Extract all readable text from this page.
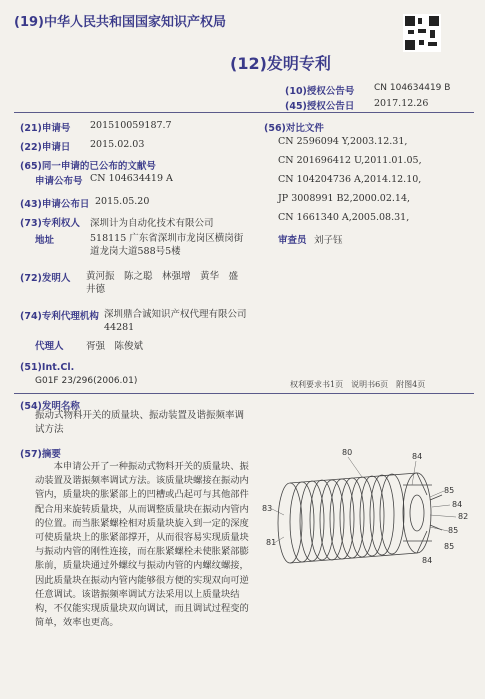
(19)中华人民共和国国家知识产权局
(12)发明专利
(10)授权公告号 CN 104634419 B
(45)授权公告日 2017.12.26
(21)申请号 201510059187.7
(22)申请日 2015.02.03
(65)同一申请的已公布的文献号
申请公布号 CN 104634419 A
(43)申请公布日 2015.05.20
(73)专利权人 深圳计为自动化技术有限公司
地址	518115 广东省深圳市龙岗区横岗街道龙岗大道588号5楼
(72)发明人 黄河振　陈之聪　林强增　黄华　盛井德
(74)专利代理机构 深圳鼎合诚知识产权代理有限公司 44281
代理人 胥强　陈俊斌
(51)Int.Cl.
G01F 23/296(2006.01)
(56)对比文件
CN 2596094 Y,2003.12.31,
CN 201696412 U,2011.01.05,
CN 104204736 A,2014.12.10,
JP 3008991 B2,2000.02.14,
CN 1661340 A,2005.08.31,
审查员 刘子钰
权利要求书1页　说明书6页　附图4页
(54)发明名称
振动式物料开关的质量块、振动装置及谐振频率调试方法
(57)摘要
本申请公开了一种振动式物料开关的质量块、振动装置及谐振频率调试方法。该质量块螺接在振动内管内，质量块的胀紧部上的凹槽或凸起可与其他部件配合用来旋转质量块，从而调整质量块在振动内管内的位置。而当胀紧螺栓相对质量块旋入到一定的深度可使质量块上的胀紧部撑开，从而很容易实现质量块与振动内管的刚性连接，而在胀紧螺栓未使胀紧部膨胀前，质量块通过外螺纹与振动内管的内螺纹螺接，因此质量块在振动内管内能够很方便的实现双向可逆任意调试。该谐振频率调试方法采用以上质量块结构，不仅能实现质量块双向调试，而且调试过程变的简单，效率也更高。
80	84
85
84
82
85
83
81
84
85
